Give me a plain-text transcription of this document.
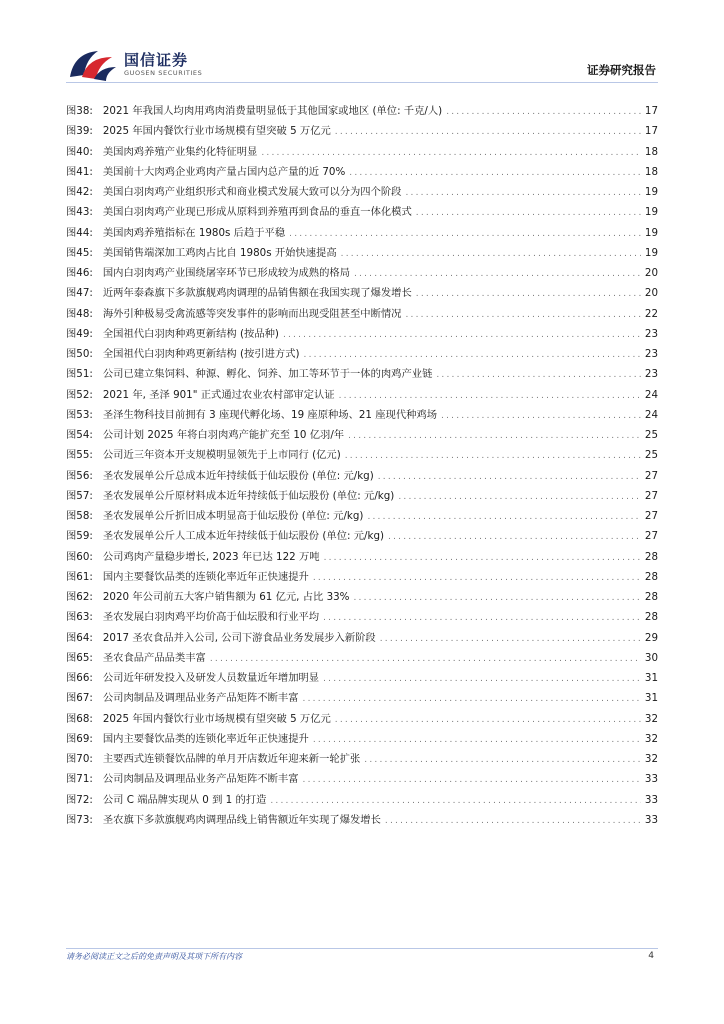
国信证券
GUOSEN SECURITIES	证券研究报告
图38: 2021 年我国人均肉用鸡肉消费量明显低于其他国家或地区 (单位: 千克/人) .....	17
图39: 2025 年国内餐饮行业市场规模有望突破 5 万亿元 .....	17
图40: 美国肉鸡养殖产业集约化特征明显 .....	18
图41: 美国前十大肉鸡企业鸡肉产量占国内总产量的近 70% .....	18
图42: 美国白羽肉鸡产业组织形式和商业模式发展大致可以分为四个阶段 .....	19
图43: 美国白羽肉鸡产业现已形成从原料到养殖再到食品的垂直一体化模式 .....	19
图44: 美国肉鸡养殖指标在 1980s 后趋于平稳 .....	19
图45: 美国销售端深加工鸡肉占比自 1980s 开始快速提高 .....	19
图46: 国内白羽肉鸡产业围绕屠宰环节已形成较为成熟的格局 .....	20
图47: 近两年泰森旗下多款旗舰鸡肉调理的品销售额在我国实现了爆发增长 .....	20
图48: 海外引种极易受禽流感等突发事件的影响而出现受阻甚至中断情况 .....	22
图49: 全国祖代白羽肉种鸡更新结构 (按品种) .....	23
图50: 全国祖代白羽肉种鸡更新结构 (按引进方式) .....	23
图51: 公司已建立集饲料、种源、孵化、饲养、加工等环节于一体的肉鸡产业链 .....	23
图52: 2021 年, 圣泽 901" 正式通过农业农村部审定认证 .....	24
图53: 圣泽生物科技目前拥有 3 座现代孵化场、19 座原种场、21 座现代种鸡场 .....	24
图54: 公司计划 2025 年将白羽肉鸡产能扩充至 10 亿羽/年 .....	25
图55: 公司近三年资本开支规模明显领先于上市同行 (亿元) .....	25
图56: 圣农发展单公斤总成本近年持续低于仙坛股份 (单位: 元/kg) .....	27
图57: 圣农发展单公斤原材料成本近年持续低于仙坛股份 (单位: 元/kg) .....	27
图58: 圣农发展单公斤折旧成本明显高于仙坛股份 (单位: 元/kg) .....	27
图59: 圣农发展单公斤人工成本近年持续低于仙坛股份 (单位: 元/kg) .....	27
图60: 公司鸡肉产量稳步增长, 2023 年已达 122 万吨 .....	28
图61: 国内主要餐饮品类的连锁化率近年正快速提升 .....	28
图62: 2020 年公司前五大客户销售额为 61 亿元, 占比 33% .....	28
图63: 圣农发展白羽肉鸡平均价高于仙坛股和行业平均 .....	28
图64: 2017 圣农食品并入公司, 公司下游食品业务发展步入新阶段 .....	29
图65: 圣农食品产品品类丰富 .....	30
图66: 公司近年研发投入及研发人员数量近年增加明显 .....	31
图67: 公司肉制品及调理品业务产品矩阵不断丰富 .....	31
图68: 2025 年国内餐饮行业市场规模有望突破 5 万亿元 .....	32
图69: 国内主要餐饮品类的连锁化率近年正快速提升 .....	32
图70: 主要西式连锁餐饮品牌的单月开店数近年迎来新一轮扩张 .....	32
图71: 公司肉制品及调理品业务产品矩阵不断丰富 .....	33
图72: 公司 C 端品牌实现从 0 到 1 的打造 .....	33
图73: 圣农旗下多款旗舰鸡肉调理品线上销售额近年实现了爆发增长 .....	33
请务必阅读正文之后的免责声明及其项下所有内容	4
